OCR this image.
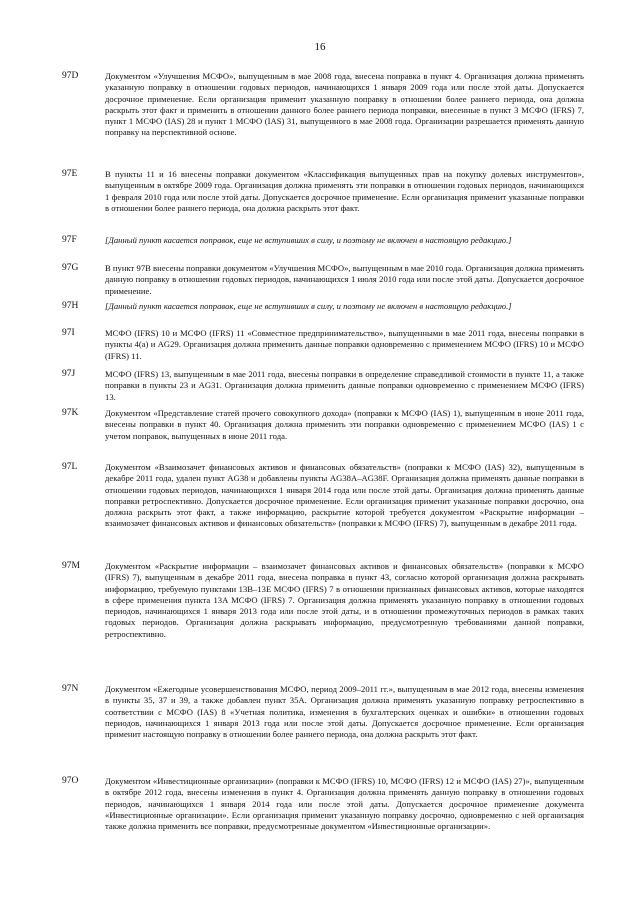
16
97D	Документом «Улучшения МСФО», выпущенным в мае 2008 года, внесена поправка в пункт 4. Организация должна применять указанную поправку в отношении годовых периодов, начинающихся 1 января 2009 года или после этой даты. Допускается досрочное применение. Если организация применит указанную поправку в отношении более раннего периода, она должна раскрыть этот факт и применить в отношении данного более раннего периода поправки, внесенные в пункт 3 МСФО (IFRS) 7, пункт 1 МСФО (IAS) 28 и пункт 1 МСФО (IAS) 31, выпущенного в мае 2008 года. Организации разрешается применять данную поправку на перспективной основе.
97E	В пункты 11 и 16 внесены поправки документом «Классификация выпущенных прав на покупку долевых инструментов», выпущенным в октябре 2009 года. Организация должна применять эти поправки в отношении годовых периодов, начинающихся 1 февраля 2010 года или после этой даты. Допускается досрочное применение. Если организация применит указанные поправки в отношении более раннего периода, она должна раскрыть этот факт.
97F	[Данный пункт касается поправок, еще не вступивших в силу, и поэтому не включен в настоящую редакцию.]
97G	В пункт 97B внесены поправки документом «Улучшения МСФО», выпущенным в мае 2010 года. Организация должна применять данную поправку в отношении годовых периодов, начинающихся 1 июля 2010 года или после этой даты. Допускается досрочное применение.
97H	[Данный пункт касается поправок, еще не вступивших в силу, и поэтому не включен в настоящую редакцию.]
97I	МСФО (IFRS) 10 и МСФО (IFRS) 11 «Совместное предпринимательство», выпущенными в мае 2011 года, внесены поправки в пункты 4(a) и AG29. Организация должна применить данные поправки одновременно с применением МСФО (IFRS) 10 и МСФО (IFRS) 11.
97J	МСФО (IFRS) 13, выпущенным в мае 2011 года, внесены поправки в определение справедливой стоимости в пункте 11, а также поправки в пункты 23 и AG31. Организация должна применить данные поправки одновременно с применением МСФО (IFRS) 13.
97K	Документом «Представление статей прочего совокупного дохода» (поправки к МСФО (IAS) 1), выпущенным в июне 2011 года, внесены поправки в пункт 40. Организация должна применить эти поправки одновременно с применением МСФО (IAS) 1 с учетом поправок, выпущенных в июне 2011 года.
97L	Документом «Взаимозачет финансовых активов и финансовых обязательств» (поправки к МСФО (IAS) 32), выпущенным в декабре 2011 года, удален пункт AG38 и добавлены пункты AG38A–AG38F. Организация должна применять данные поправки в отношении годовых периодов, начинающихся 1 января 2014 года или после этой даты. Организация должна применять данные поправки ретроспективно. Допускается досрочное применение. Если организация применит указанные поправки досрочно, она должна раскрыть этот факт, а также информацию, раскрытие которой требуется документом «Раскрытие информации – взаимозачет финансовых активов и финансовых обязательств» (поправки к МСФО (IFRS) 7), выпущенным в декабре 2011 года.
97M	Документом «Раскрытие информации – взаимозачет финансовых активов и финансовых обязательств» (поправки к МСФО (IFRS) 7), выпущенным в декабре 2011 года, внесена поправка в пункт 43, согласно которой организация должна раскрывать информацию, требуемую пунктами 13B–13E МСФО (IFRS) 7 в отношении признанных финансовых активов, которые находятся в сфере применения пункта 13A МСФО (IFRS) 7. Организация должна применять указанную поправку в отношении годовых периодов, начинающихся 1 января 2013 года или после этой даты, и в отношении промежуточных периодов в рамках таких годовых периодов. Организация должна раскрывать информацию, предусмотренную требованиями данной поправки, ретроспективно.
97N	Документом «Ежегодные усовершенствования МСФО, период 2009–2011 гг.», выпущенным в мае 2012 года, внесены изменения в пункты 35, 37 и 39, а также добавлен пункт 35A. Организация должна применять указанную поправку ретроспективно в соответствии с МСФО (IAS) 8 «Учетная политика, изменения в бухгалтерских оценках и ошибки» в отношении годовых периодов, начинающихся 1 января 2013 года или после этой даты. Допускается досрочное применение. Если организация применит настоящую поправку в отношении более раннего периода, она должна раскрыть этот факт.
97O	Документом «Инвестиционные организации» (поправки к МСФО (IFRS) 10, МСФО (IFRS) 12 и МСФО (IAS) 27)», выпущенным в октябре 2012 года, внесены изменения в пункт 4. Организация должна применять данную поправку в отношении годовых периодов, начинающихся 1 января 2014 года или после этой даты. Допускается досрочное применение документа «Инвестиционные организации». Если организация применит указанную поправку досрочно, одновременно с ней организация также должна применить все поправки, предусмотренные документом «Инвестиционные организации».
